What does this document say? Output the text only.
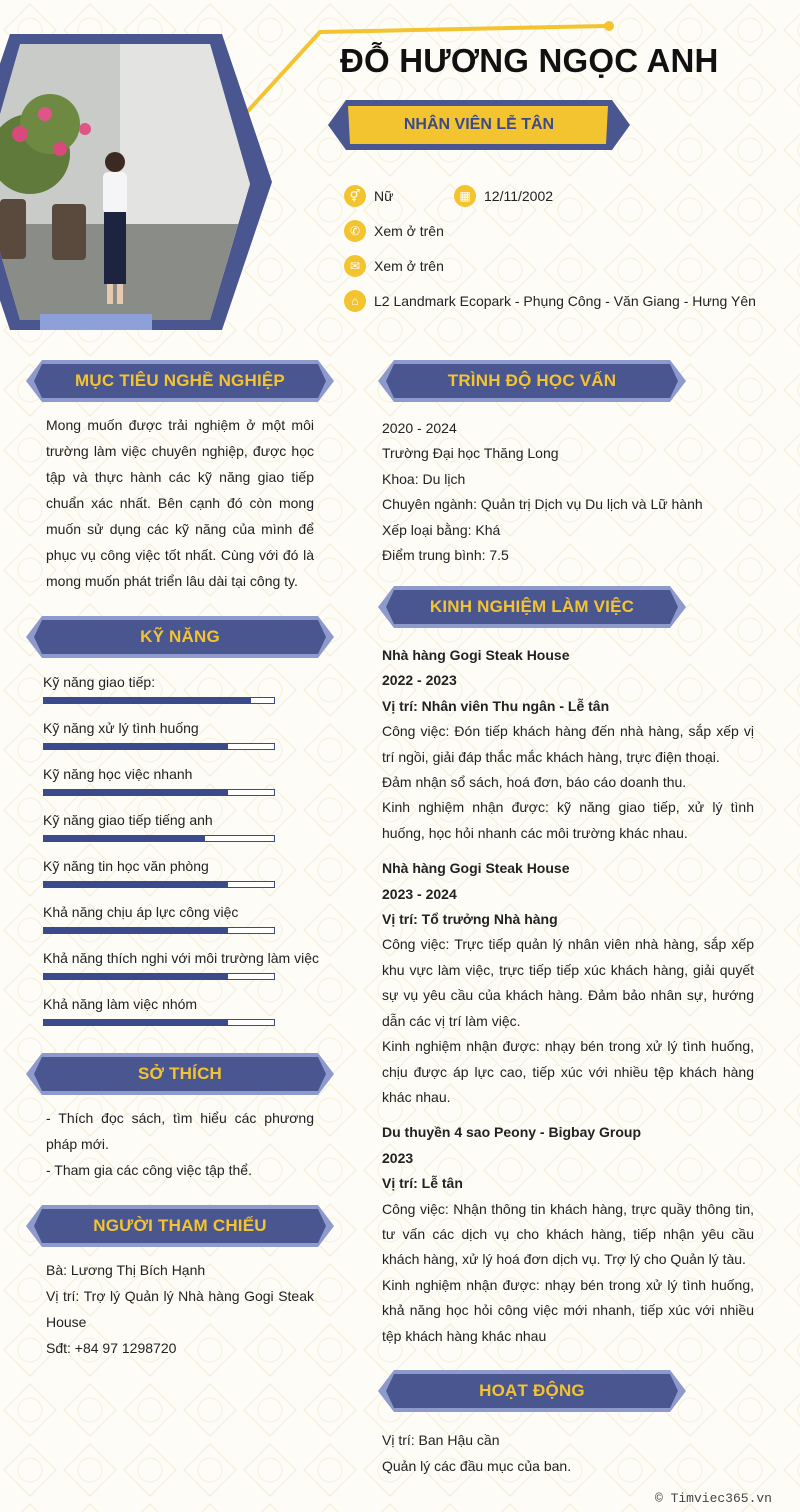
ĐỖ HƯƠNG NGỌC ANH
NHÂN VIÊN LỄ TÂN
⚥ Nữ	▦ 12/11/2002
✆ Xem ở trên
✉ Xem ở trên
⌂	L2 Landmark Ecopark - Phụng Công - Văn Giang - Hưng Yên
MỤC TIÊU NGHỀ NGHIỆP

Mong muốn được trải nghiệm ở một môi trường làm việc chuyên nghiệp, được học tập và thực hành các kỹ năng giao tiếp chuẩn xác nhất. Bên cạnh đó còn mong muốn sử dụng các kỹ năng của mình để phục vụ công việc tốt nhất. Cùng với đó là mong muốn phát triển lâu dài tại công ty.

KỸ NĂNG
Kỹ năng giao tiếp:
Kỹ năng xử lý tình huống
Kỹ năng học việc nhanh
Kỹ năng giao tiếp tiếng anh
Kỹ năng tin học văn phòng
Khả năng chịu áp lực công việc
Khả năng thích nghi với môi trường làm việc
Khả năng làm việc nhóm
SỞ THÍCH

- Thích đọc sách, tìm hiểu các phương pháp mới.

- Tham gia các công việc tập thể.

NGƯỜI THAM CHIẾU

Bà: Lương Thị Bích Hạnh

Vị trí: Trợ lý Quản lý Nhà hàng Gogi Steak House

Sđt: +84 97 1298720

TRÌNH ĐỘ HỌC VẤN

2020 - 2024

Trường Đại học Thăng Long

Khoa: Du lịch

Chuyên ngành: Quản trị Dịch vụ Du lịch và Lữ hành

Xếp loại bằng: Khá

Điểm trung bình: 7.5

KINH NGHIỆM LÀM VIỆC

Nhà hàng Gogi Steak House

2022 - 2023

Vị trí: Nhân viên Thu ngân - Lễ tân

Công việc: Đón tiếp khách hàng đến nhà hàng, sắp xếp vị trí ngồi, giải đáp thắc mắc khách hàng, trực điện thoại.

Đảm nhận sổ sách, hoá đơn, báo cáo doanh thu.

Kinh nghiệm nhận được: kỹ năng giao tiếp, xử lý tình huống, học hỏi nhanh các môi trường khác nhau.

Nhà hàng Gogi Steak House

2023 - 2024

Vị trí: Tổ trưởng Nhà hàng

Công việc: Trực tiếp quản lý nhân viên nhà hàng, sắp xếp khu vực làm việc, trực tiếp tiếp xúc khách hàng, giải quyết sự vụ yêu cầu của khách hàng. Đảm bảo nhân sự, hướng dẫn các vị trí làm việc.

Kinh nghiệm nhận được: nhạy bén trong xử lý tình huống, chịu được áp lực cao, tiếp xúc với nhiều tệp khách hàng khác nhau.

Du thuyền 4 sao Peony - Bigbay Group

2023

Vị trí: Lễ tân

Công việc: Nhận thông tin khách hàng, trực quầy thông tin, tư vấn các dịch vụ cho khách hàng, tiếp nhận yêu cầu khách hàng, xử lý hoá đơn dịch vụ. Trợ lý cho Quản lý tàu.

Kinh nghiệm nhận được: nhạy bén trong xử lý tình huống, khả năng học hỏi công việc mới nhanh, tiếp xúc với nhiều tệp khách hàng khác nhau

HOẠT ĐỘNG

Vị trí: Ban Hậu cần

Quản lý các đầu mục của ban.

© Timviec365.vn
